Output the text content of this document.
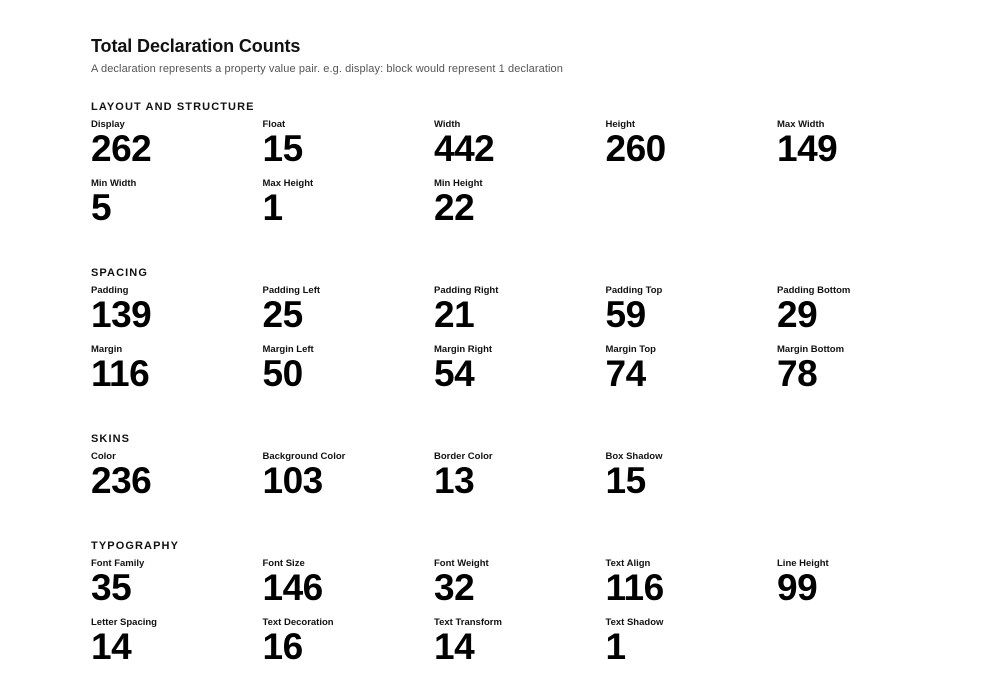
Total Declaration Counts
A declaration represents a property value pair. e.g. display: block would represent 1 declaration
LAYOUT AND STRUCTURE
Display
262
Float
15
Width
442
Height
260
Max Width
149
Min Width
5
Max Height
1
Min Height
22
SPACING
Padding
139
Padding Left
25
Padding Right
21
Padding Top
59
Padding Bottom
29
Margin
116
Margin Left
50
Margin Right
54
Margin Top
74
Margin Bottom
78
SKINS
Color
236
Background Color
103
Border Color
13
Box Shadow
15
TYPOGRAPHY
Font Family
35
Font Size
146
Font Weight
32
Text Align
116
Line Height
99
Letter Spacing
14
Text Decoration
16
Text Transform
14
Text Shadow
1
